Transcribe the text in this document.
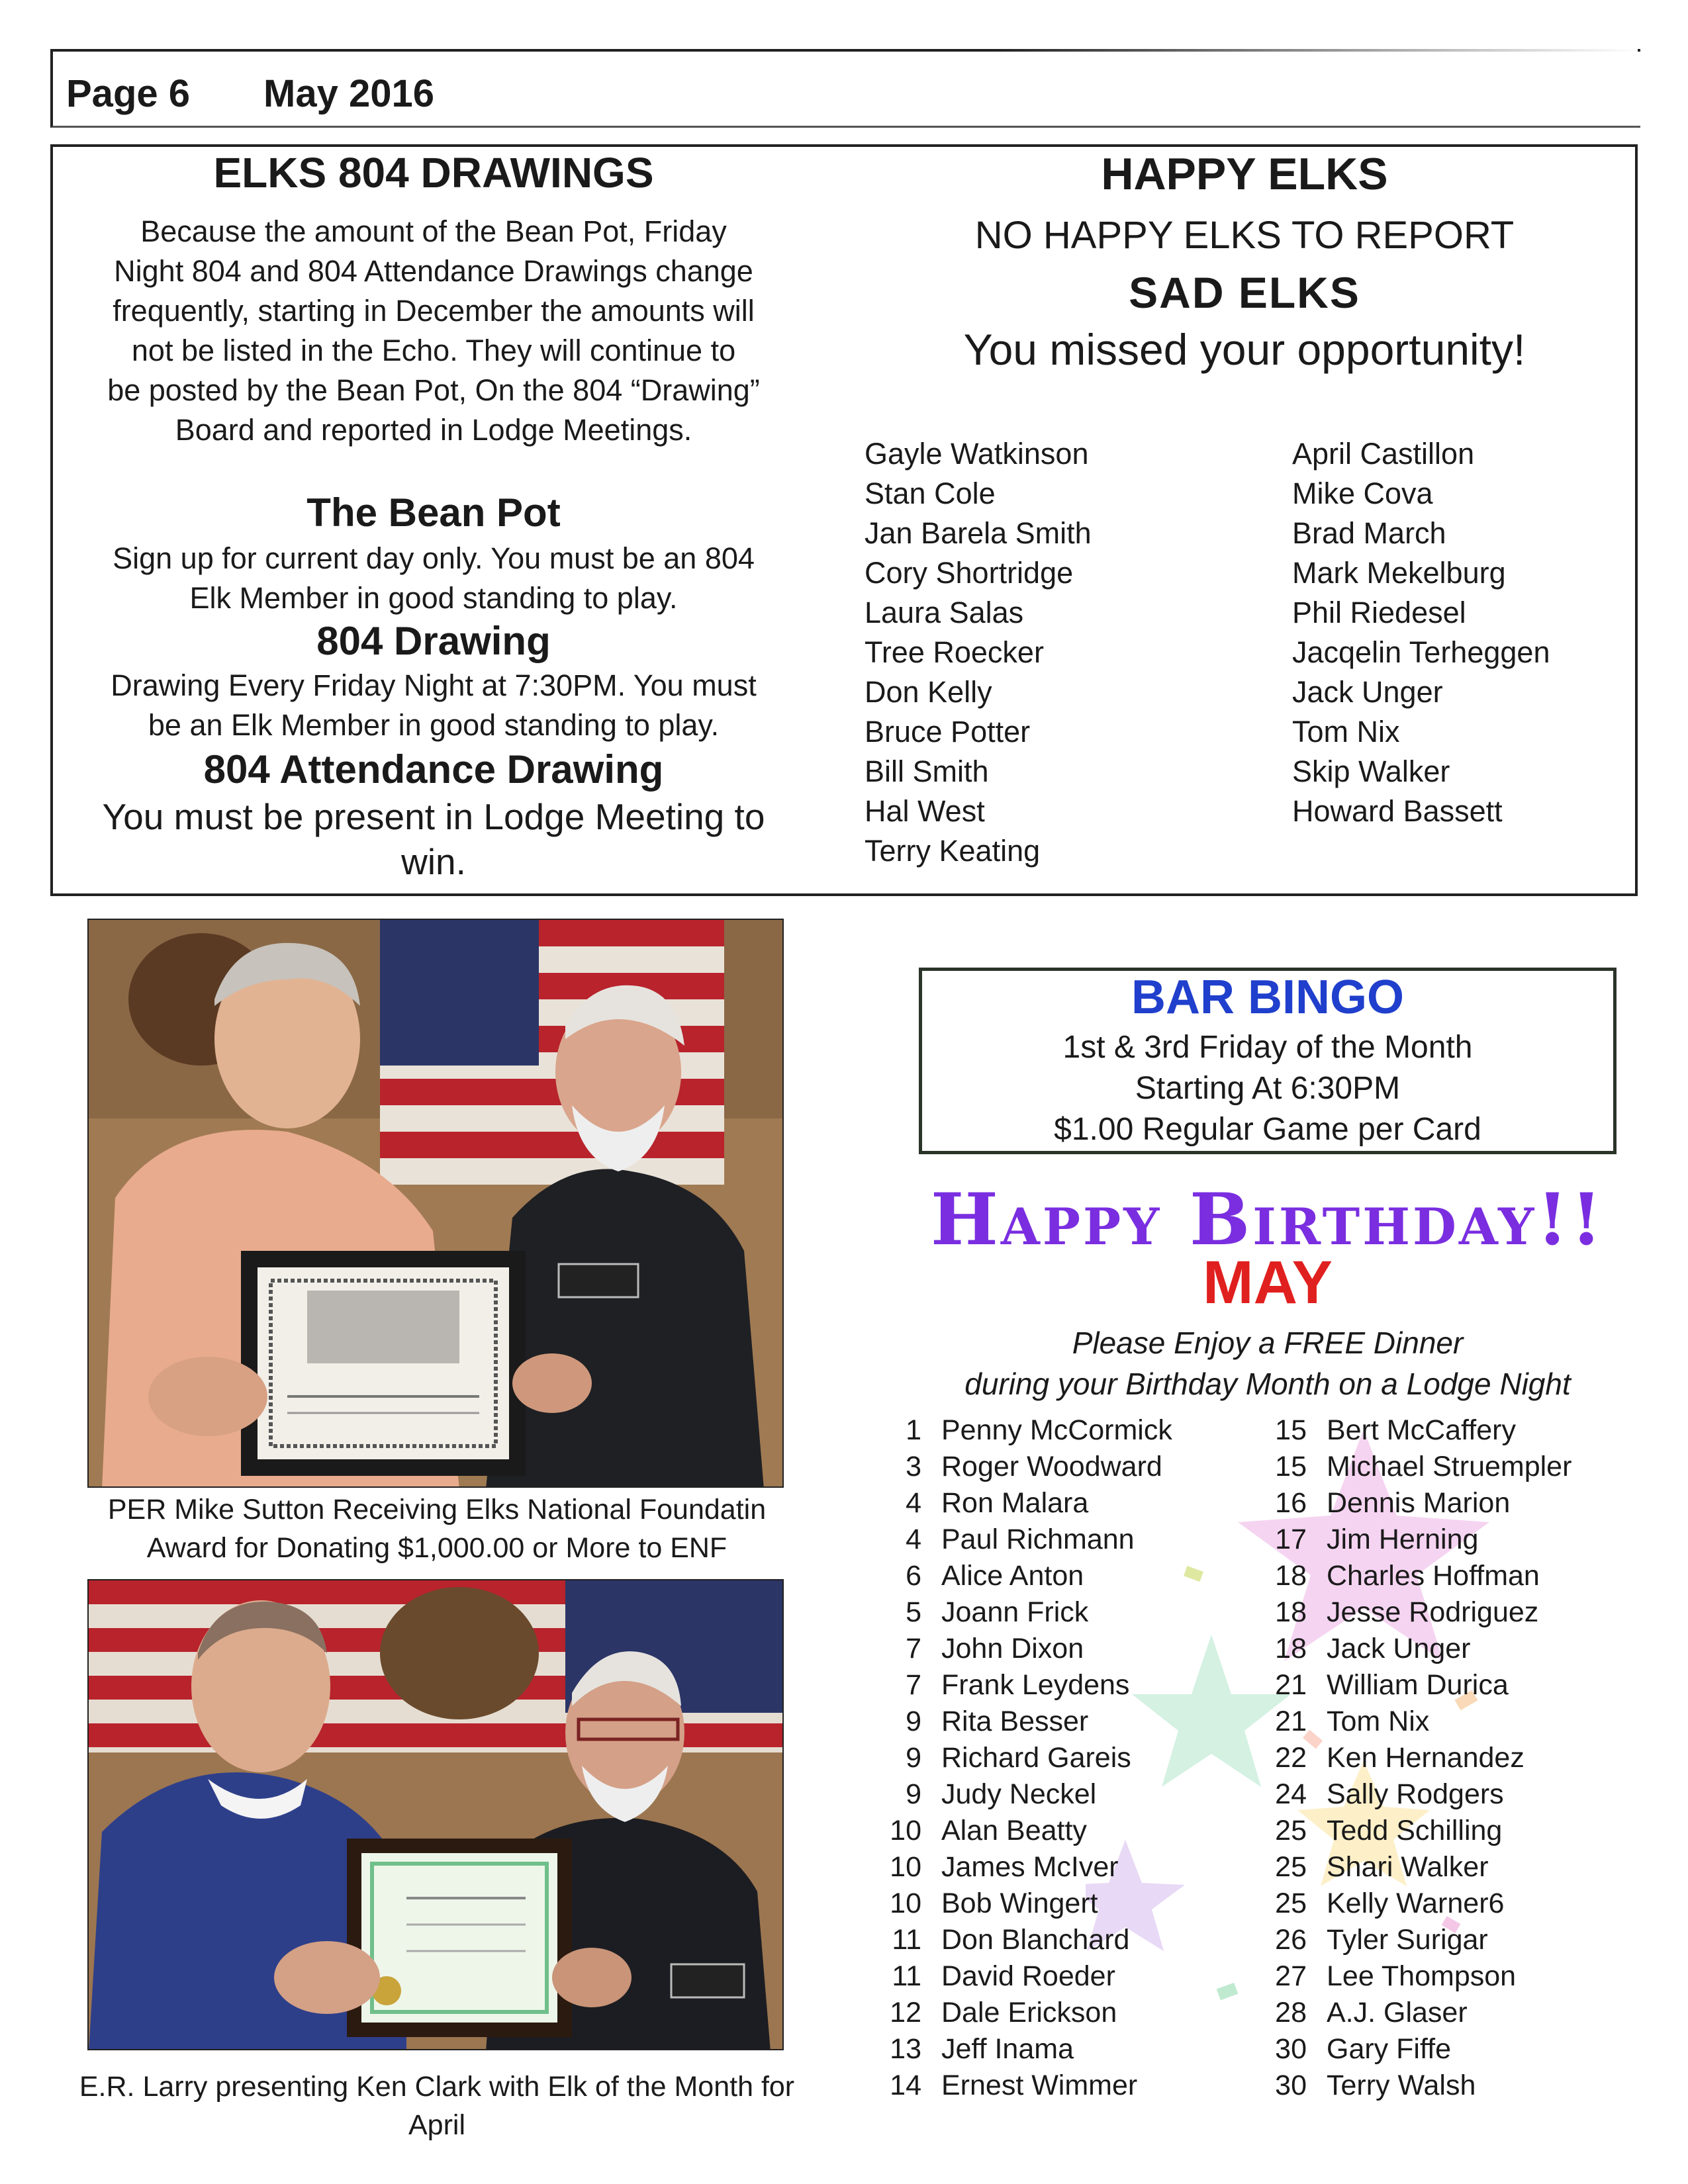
Page 6 May 2016
ELKS 804 DRAWINGS
Because the amount of the Bean Pot, Friday
Night 804 and 804 Attendance Drawings change
frequently, starting in December the amounts will
not be listed in the Echo. They will continue to
be posted by the Bean Pot, On the 804 “Drawing”
Board and reported in Lodge Meetings.
The Bean Pot
Sign up for current day only. You must be an 804
Elk Member in good standing to play.
804 Drawing
Drawing Every Friday Night at 7:30PM. You must
be an Elk Member in good standing to play.
804 Attendance Drawing
You must be present in Lodge Meeting to
win.
HAPPY ELKS
NO HAPPY ELKS TO REPORT
SAD ELKS
You missed your opportunity!
Gayle Watkinson
Stan Cole
Jan Barela Smith
Cory Shortridge
Laura Salas
Tree Roecker
Don Kelly
Bruce Potter
Bill Smith
Hal West
Terry Keating
April Castillon
Mike Cova
Brad March
Mark Mekelburg
Phil Riedesel
Jacqelin Terheggen
Jack Unger
Tom Nix
Skip Walker
Howard Bassett
PER Mike Sutton Receiving Elks National Foundatin
Award for Donating $1,000.00 or More to ENF
E.R. Larry presenting Ken Clark with Elk of the Month for
April
BAR BINGO
1st & 3rd Friday of the Month
Starting At 6:30PM
$1.00 Regular Game per Card
Happy Birthday!!
MAY
Please Enjoy a FREE Dinner
during your Birthday Month on a Lodge Night
1 Penny McCormick
3 Roger Woodward
4 Ron Malara
4 Paul Richmann
6 Alice Anton
5 Joann Frick
7 John Dixon
7 Frank Leydens
9 Rita Besser
9 Richard Gareis
9 Judy Neckel
10 Alan Beatty
10 James McIver
10 Bob Wingert
11 Don Blanchard
11 David Roeder
12 Dale Erickson
13 Jeff Inama
14 Ernest Wimmer
15 Bert McCaffery
15 Michael Struempler
16 Dennis Marion
17 Jim Herning
18 Charles Hoffman
18 Jesse Rodriguez
18 Jack Unger
21 William Durica
21 Tom Nix
22 Ken Hernandez
24 Sally Rodgers
25 Tedd Schilling
25 Shari Walker
25 Kelly Warner6
26 Tyler Surigar
27 Lee Thompson
28 A.J. Glaser
30 Gary Fiffe
30 Terry Walsh
